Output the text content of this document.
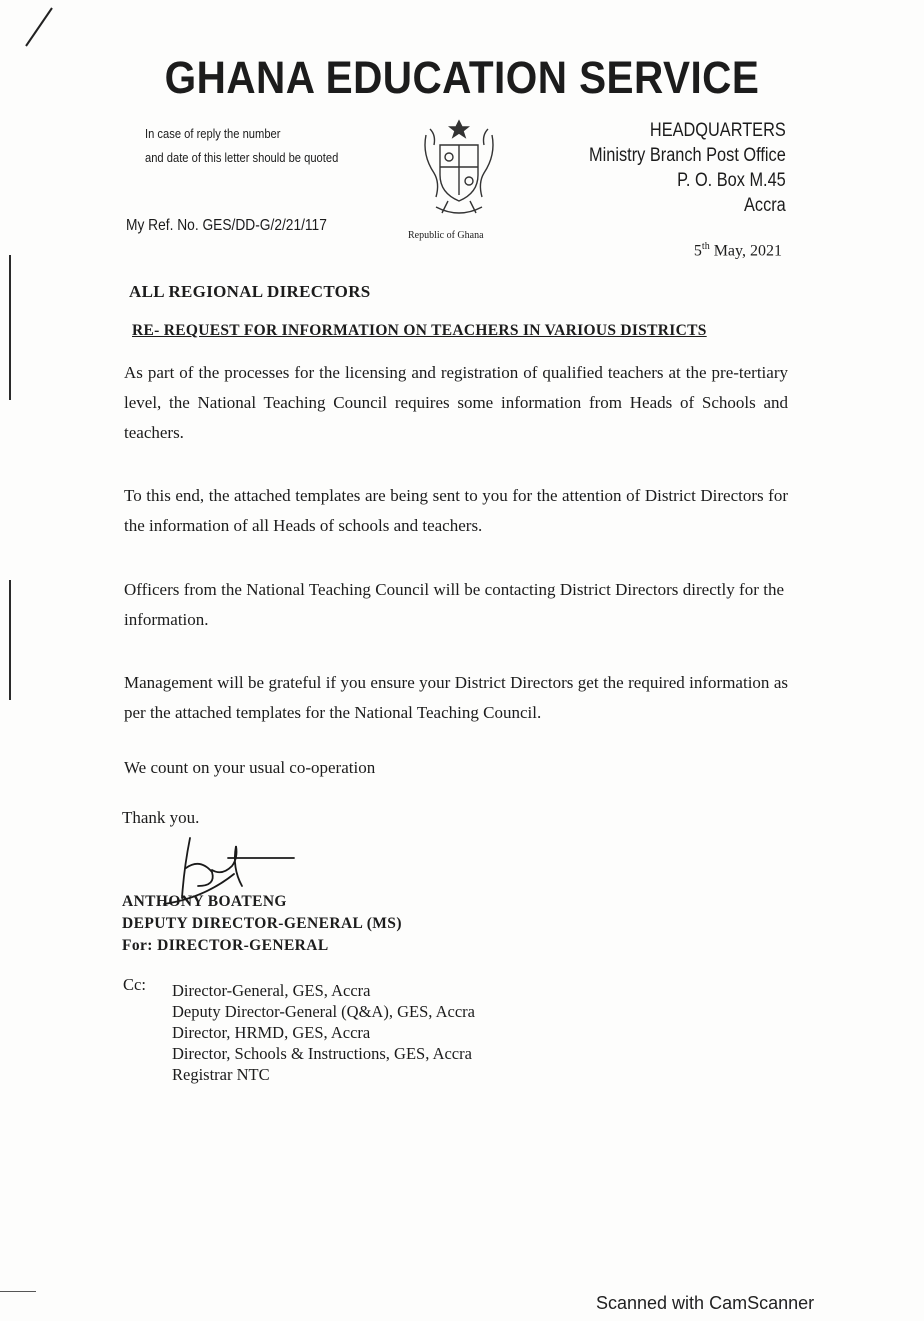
GHANA EDUCATION SERVICE
In case of reply the number
and date of this letter should be quoted
Republic of Ghana
HEADQUARTERS
Ministry Branch Post Office
P. O. Box M.45
Accra
My Ref. No. GES/DD-G/2/21/117
5th May, 2021
ALL REGIONAL DIRECTORS
RE- REQUEST FOR INFORMATION ON TEACHERS IN VARIOUS DISTRICTS
As part of the processes for the licensing and registration of qualified teachers at the pre-tertiary level, the National Teaching Council requires some information from Heads of Schools and teachers.
To this end, the attached templates are being sent to you for the attention of District Directors for the information of all Heads of schools and teachers.
Officers from the National Teaching Council will be contacting District Directors directly for the information.
Management will be grateful if you ensure your District Directors get the required information as per the attached templates for the National Teaching Council.
We count on your usual co-operation
Thank you.
ANTHONY BOATENG
DEPUTY DIRECTOR-GENERAL (MS)
For: DIRECTOR-GENERAL
Cc: Director-General, GES, Accra
Deputy Director-General (Q&A), GES, Accra
Director, HRMD, GES, Accra
Director, Schools & Instructions, GES, Accra
Registrar NTC
Scanned with CamScanner
